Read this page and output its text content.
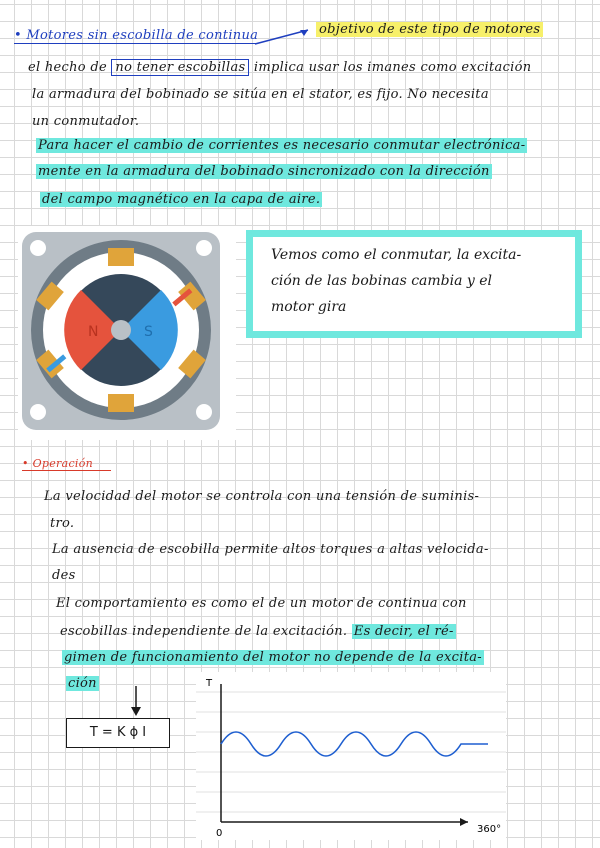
• Motores sin escobilla de continua	objetivo de este tipo de motores
el hecho de no tener escobillas implica usar los imanes como excitación
la armadura del bobinado se sitúa en el stator, es fijo. No necesita
un conmutador.
Para hacer el cambio de corrientes es necesario conmutar electrónica-
mente en la armadura del bobinado sincronizado con la dirección
del campo magnético en la capa de aire.
N	S
Vemos como el conmutar, la excita-
ción de las bobinas cambia y el
motor gira
• Operación
La velocidad del motor se controla con una tensión de suminis-
tro.
La ausencia de escobilla permite altos torques a altas velocida-
des
El comportamiento es como el de un motor de continua con
escobillas independiente de la excitación. Es decir, el ré-
gimen de funcionamiento del motor no depende de la excita-
ción
T = K ϕ I
T
0	360°
